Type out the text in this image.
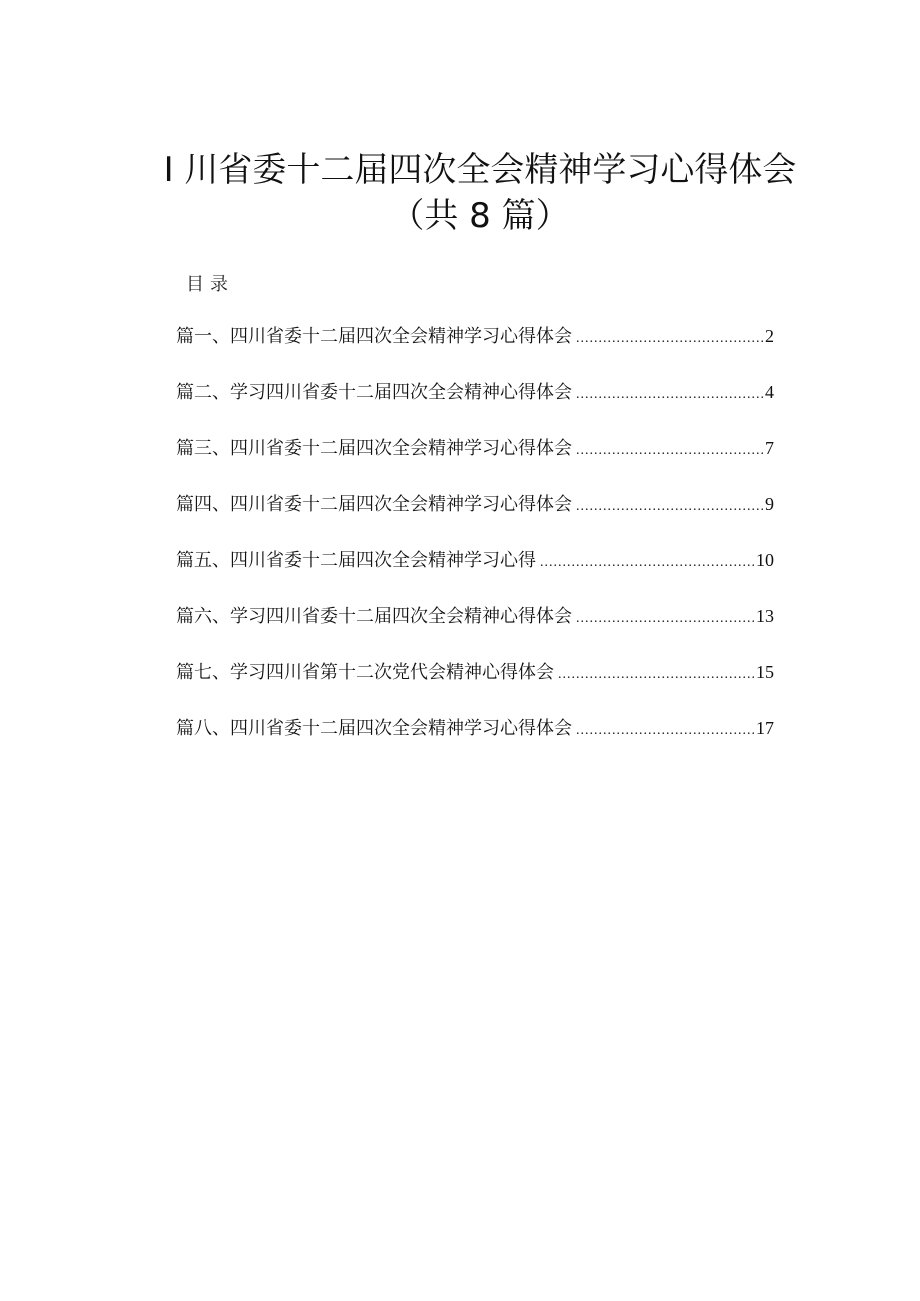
I 川省委十二届四次全会精神学习心得体会
（共 8 篇）
目录
篇一、四川省委十二届四次全会精神学习心得体会 .....	2
篇二、学习四川省委十二届四次全会精神心得体会 .....	4
篇三、四川省委十二届四次全会精神学习心得体会 .....	7
篇四、四川省委十二届四次全会精神学习心得体会 .....	9
篇五、四川省委十二届四次全会精神学习心得 .....	10
篇六、学习四川省委十二届四次全会精神心得体会 .....	13
篇七、学习四川省第十二次党代会精神心得体会 .....	15
篇八、四川省委十二届四次全会精神学习心得体会 .....	17
